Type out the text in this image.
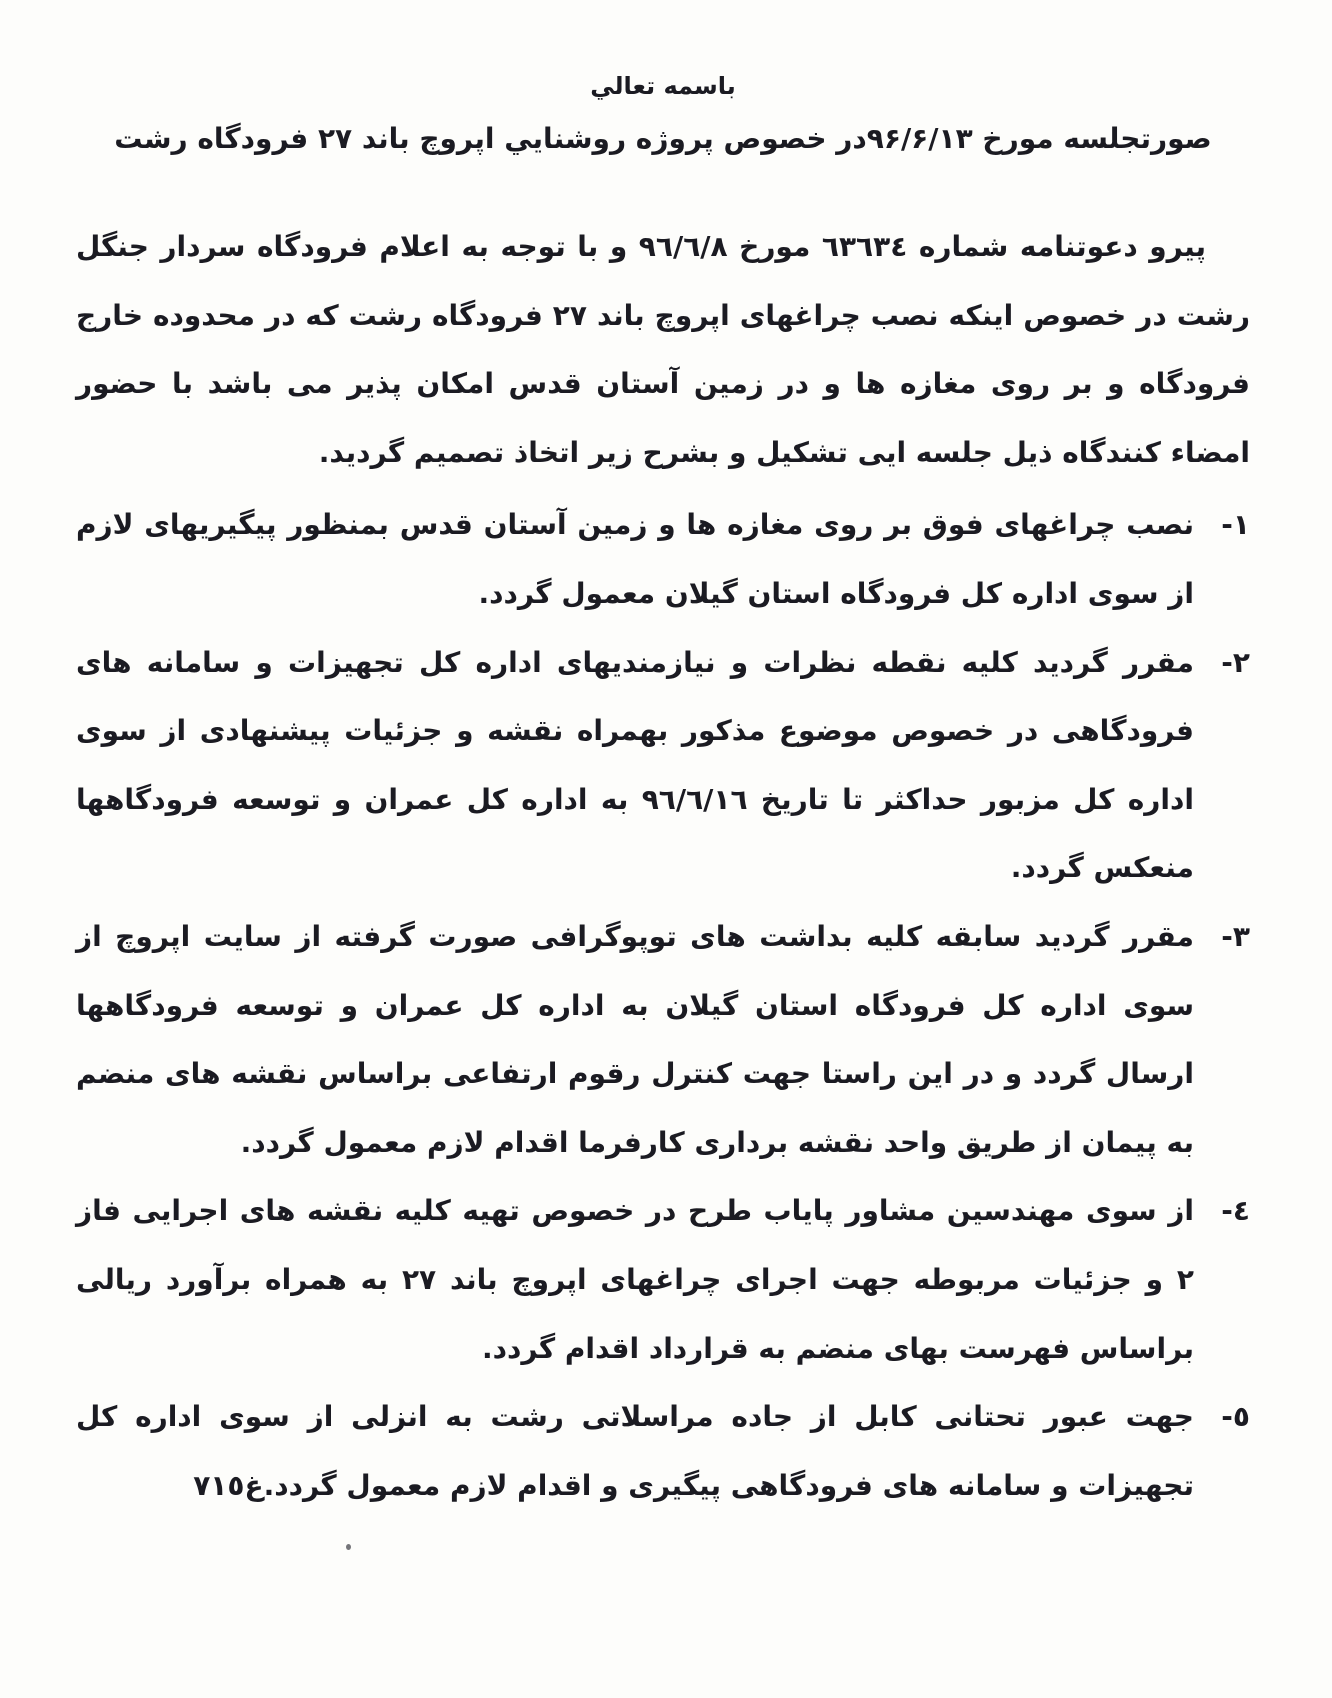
باسمه تعالي
صورتجلسه مورخ ۹۶/۶/۱۳در خصوص پروژه روشنايي اپروچ باند ۲۷ فرودگاه رشت

پيرو دعوتنامه شماره ٦٣٦٣٤ مورخ ٩٦/٦/٨ و با توجه به اعلام فرودگاه سردار جنگل رشت در خصوص اينكه نصب چراغهای اپروچ باند ۲۷ فرودگاه رشت كه در محدوده خارج فرودگاه و بر روی مغازه ها و در زمين آستان قدس امكان پذير می باشد با حضور امضاء كنندگاه ذيل جلسه ايی تشكيل و بشرح زير اتخاذ تصميم گرديد.

١-
نصب چراغهای فوق بر روی مغازه ها و زمين آستان قدس بمنظور پيگيريهای لازم از سوی اداره كل فرودگاه استان گيلان معمول گردد.
٢-
مقرر گرديد كليه نقطه نظرات و نيازمنديهای اداره كل تجهيزات و سامانه های فرودگاهی در خصوص موضوع مذكور بهمراه نقشه و جزئيات پيشنهادی از سوی اداره كل مزبور حداكثر تا تاريخ ٩٦/٦/١٦ به اداره كل عمران و توسعه فرودگاهها منعكس گردد.
٣-
مقرر گرديد سابقه كليه بداشت های توپوگرافی صورت گرفته از سايت اپروچ از سوی اداره كل فرودگاه استان گيلان به اداره كل عمران و توسعه فرودگاهها ارسال گردد و در اين راستا جهت كنترل رقوم ارتفاعی براساس نقشه های منضم به پيمان از طريق واحد نقشه برداری كارفرما اقدام لازم معمول گردد.
٤-
از سوی مهندسين مشاور پاياب طرح در خصوص تهيه كليه نقشه های اجرايی فاز ۲ و جزئيات مربوطه جهت اجرای چراغهای اپروچ باند ۲۷ به همراه برآورد ريالی براساس فهرست بهای منضم به قرارداد اقدام گردد.
٥-
جهت عبور تحتانی كابل از جاده مراسلاتی رشت به انزلی از سوی اداره كل تجهيزات و سامانه های فرودگاهی پيگيری و اقدام لازم معمول گردد.غ٧١٥
